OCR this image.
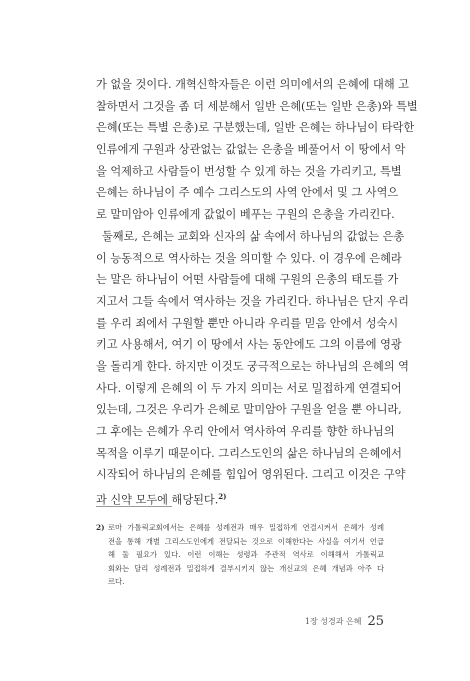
가 없을 것이다. 개혁신학자들은 이런 의미에서의 은혜에 대해 고
찰하면서 그것을 좀 더 세분해서 일반 은혜(또는 일반 은총)와 특별
은혜(또는 특별 은총)로 구분했는데, 일반 은혜는 하나님이 타락한
인류에게 구원과 상관없는 값없는 은총을 베풀어서 이 땅에서 악
을 억제하고 사람들이 번성할 수 있게 하는 것을 가리키고, 특별
은혜는 하나님이 주 예수 그리스도의 사역 안에서 및 그 사역으
로 말미암아 인류에게 값없이 베푸는 구원의 은총을 가리킨다.
둘째로, 은혜는 교회와 신자의 삶 속에서 하나님의 값없는 은총
이 능동적으로 역사하는 것을 의미할 수 있다. 이 경우에 은혜라
는 말은 하나님이 어떤 사람들에 대해 구원의 은총의 태도를 가
지고서 그들 속에서 역사하는 것을 가리킨다. 하나님은 단지 우리
를 우리 죄에서 구원할 뿐만 아니라 우리를 믿음 안에서 성숙시
키고 사용해서, 여기 이 땅에서 사는 동안에도 그의 이름에 영광
을 돌리게 한다. 하지만 이것도 궁극적으로는 하나님의 은혜의 역
사다. 이렇게 은혜의 이 두 가지 의미는 서로 밀접하게 연결되어
있는데, 그것은 우리가 은혜로 말미암아 구원을 얻을 뿐 아니라,
그 후에는 은혜가 우리 안에서 역사하여 우리를 향한 하나님의
목적을 이루기 때문이다. 그리스도인의 삶은 하나님의 은혜에서
시작되어 하나님의 은혜를 힘입어 영위된다. 그리고 이것은 구약
과 신약 모두에 해당된다.$^{2)}$
2) 로마 가톨릭교회에서는 은혜를 성례전과 매우 밀접하게 연결시켜서 은혜가 성례
전을 통해 개별 그리스도인에게 전달되는 것으로 이해한다는 사실을 여기서 언급
해 둘 필요가 있다. 이런 이해는 성령과 주관적 역사로 이해해서 가톨릭교
회와는 달리 성례전과 밀접하게 결부시키지 않는 개신교의 은혜 개념과 아주 다
르다.
1장 성경과 은혜 25
